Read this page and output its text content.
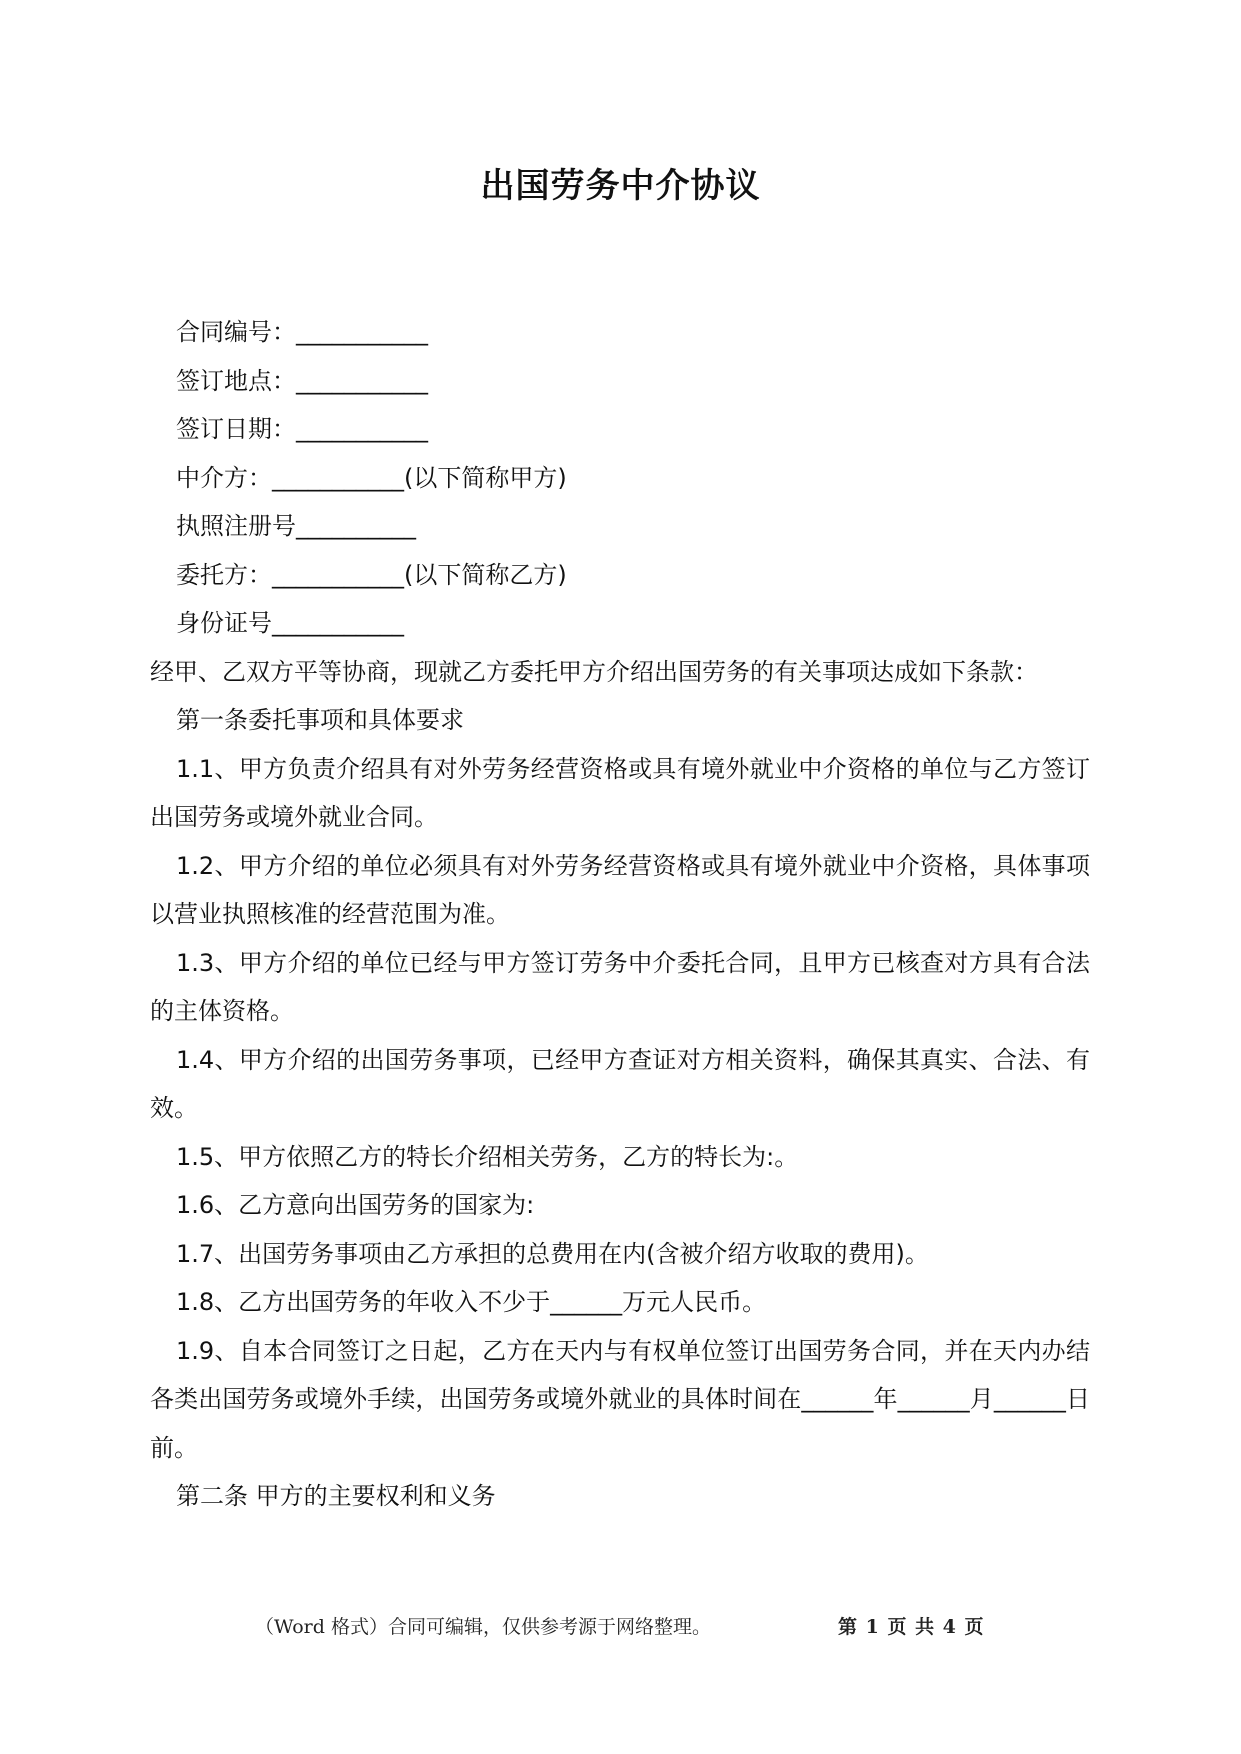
出国劳务中介协议
合同编号：___________
签订地点：___________
签订日期：___________
中介方：___________(以下简称甲方)
执照注册号__________
委托方：___________(以下简称乙方)
身份证号___________
经甲、乙双方平等协商，现就乙方委托甲方介绍出国劳务的有关事项达成如下条款：
第一条委托事项和具体要求
1.1、甲方负责介绍具有对外劳务经营资格或具有境外就业中介资格的单位与乙方签订出国劳务或境外就业合同。
1.2、甲方介绍的单位必须具有对外劳务经营资格或具有境外就业中介资格，具体事项以营业执照核准的经营范围为准。
1.3、甲方介绍的单位已经与甲方签订劳务中介委托合同，且甲方已核查对方具有合法的主体资格。
1.4、甲方介绍的出国劳务事项，已经甲方查证对方相关资料，确保其真实、合法、有效。
1.5、甲方依照乙方的特长介绍相关劳务，乙方的特长为:。
1.6、乙方意向出国劳务的国家为:
1.7、出国劳务事项由乙方承担的总费用在内(含被介绍方收取的费用)。
1.8、乙方出国劳务的年收入不少于______万元人民币。
1.9、自本合同签订之日起，乙方在天内与有权单位签订出国劳务合同，并在天内办结各类出国劳务或境外手续，出国劳务或境外就业的具体时间在______年______月______日前。
第二条 甲方的主要权利和义务
（Word 格式）合同可编辑，仅供参考源于网络整理。	第 1 页 共 4 页
